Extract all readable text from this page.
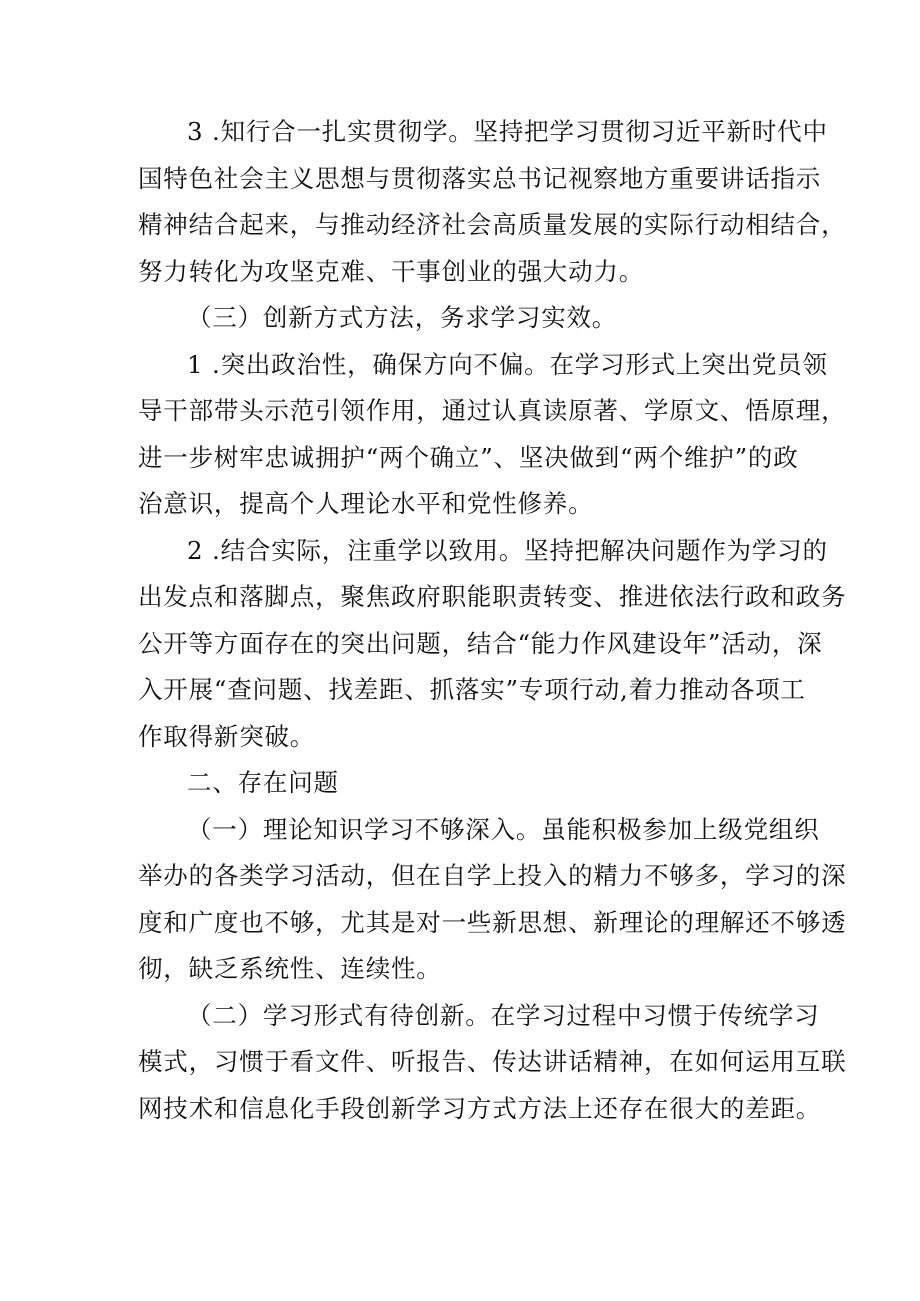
3 .知行合一扎实贯彻学。坚持把学习贯彻习近平新时代中
国特色社会主义思想与贯彻落实总书记视察地方重要讲话指示
精神结合起来，与推动经济社会高质量发展的实际行动相结合，
努力转化为攻坚克难、干事创业的强大动力。

（三）创新方式方法，务求学习实效。

1 .突出政治性，确保方向不偏。在学习形式上突出党员领
导干部带头示范引领作用，通过认真读原著、学原文、悟原理，
进一步树牢忠诚拥护“两个确立”、坚决做到“两个维护”的政
治意识，提高个人理论水平和党性修养。

2 .结合实际，注重学以致用。坚持把解决问题作为学习的
出发点和落脚点，聚焦政府职能职责转变、推进依法行政和政务
公开等方面存在的突出问题，结合“能力作风建设年”活动，深
入开展“查问题、找差距、抓落实”专项行动,着力推动各项工
作取得新突破。

二、存在问题

（一）理论知识学习不够深入。虽能积极参加上级党组织
举办的各类学习活动，但在自学上投入的精力不够多，学习的深
度和广度也不够，尤其是对一些新思想、新理论的理解还不够透
彻，缺乏系统性、连续性。

（二）学习形式有待创新。在学习过程中习惯于传统学习
模式，习惯于看文件、听报告、传达讲话精神，在如何运用互联
网技术和信息化手段创新学习方式方法上还存在很大的差距。
